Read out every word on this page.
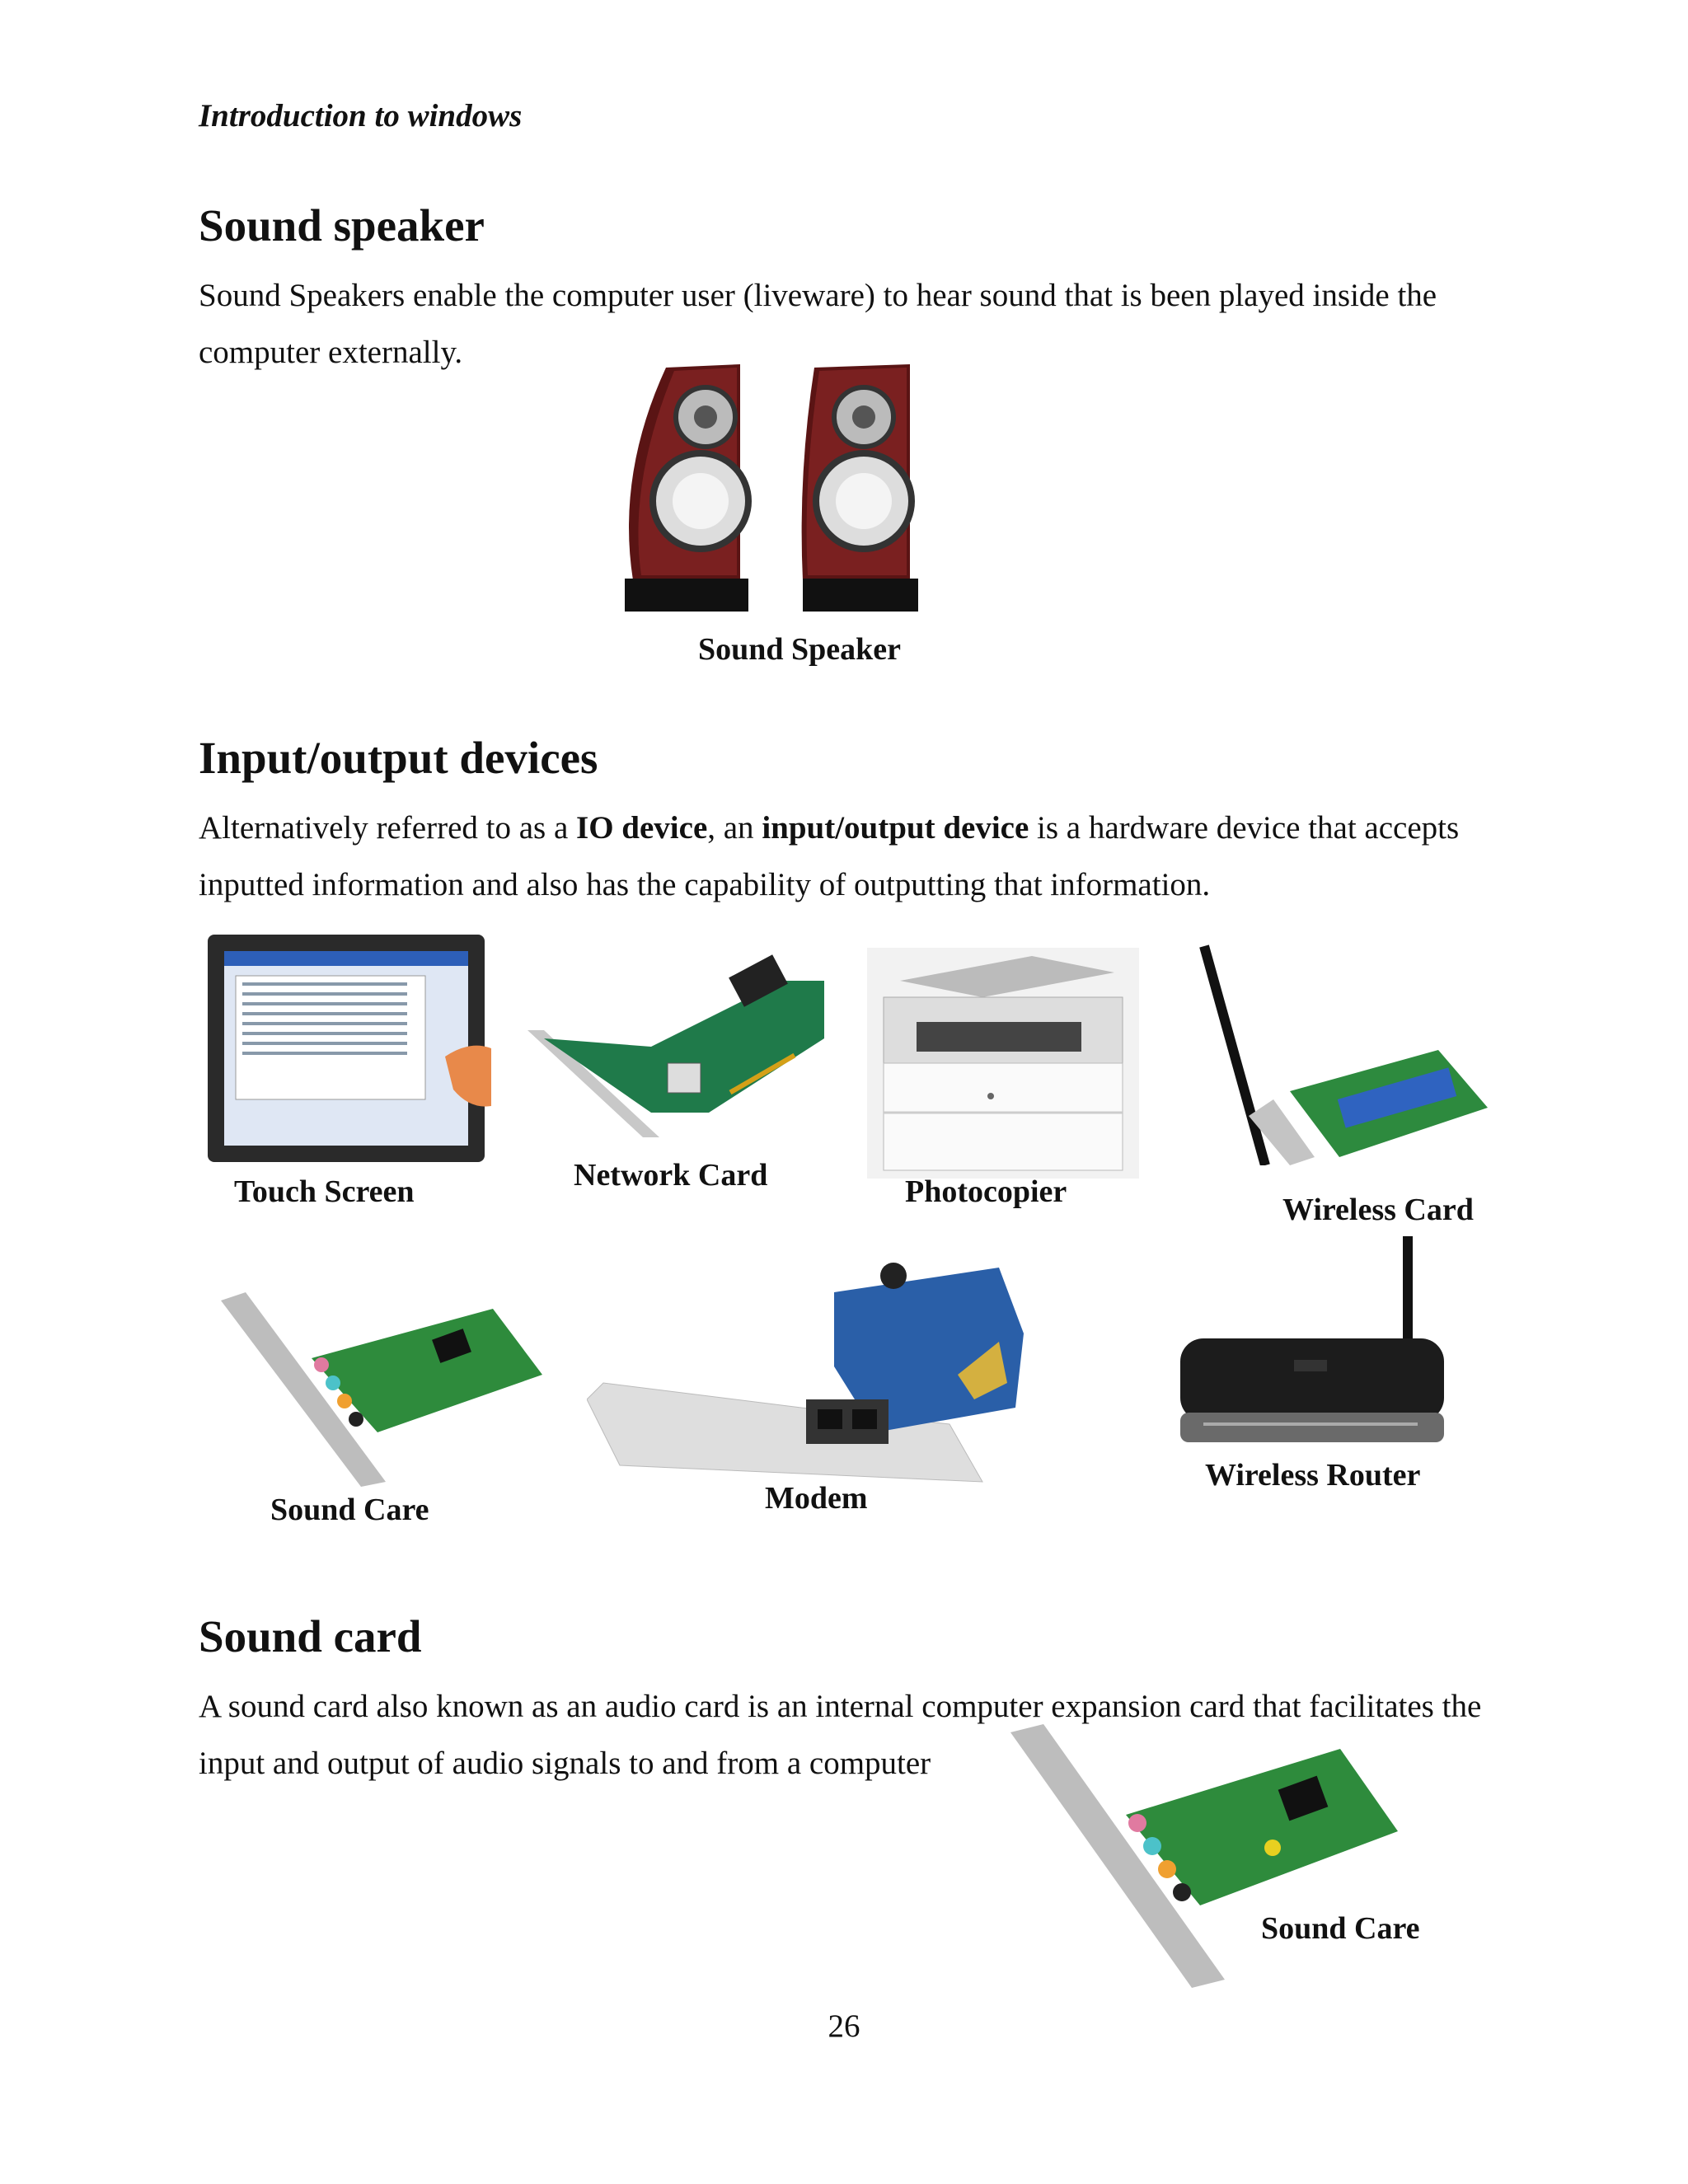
Introduction to windows
Sound speaker
Sound Speakers enable the computer user (liveware) to hear sound that is been played inside the computer externally.
Sound Speaker
Input/output devices
Alternatively referred to as a IO device, an input/output device is a hardware device that accepts inputted information and also has the capability of outputting that information.
Touch Screen	Network Card	Photocopier
Wireless Card
Sound Care	Modem
Wireless Router
Sound card
A sound card also known as an audio card is an internal computer expansion card that facilitates the input and output of audio signals to and from a computer
Sound Care
26
